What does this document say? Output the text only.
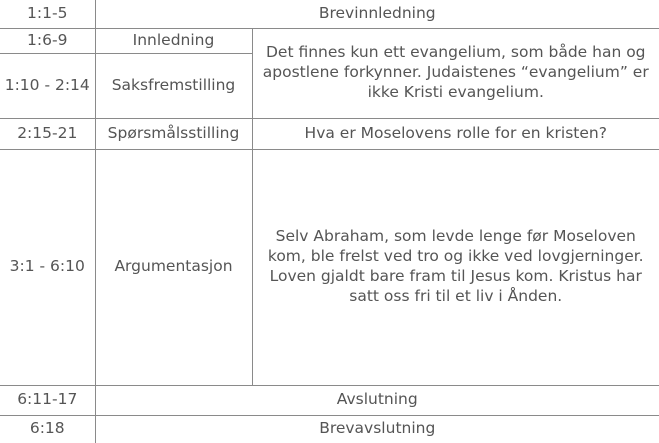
1:1-5	Brevinnledning	
1:6-9	Innledning	Det finnes kun ett evangelium, som både han og apostlene forkynner. Judaistenes “evangelium” er ikke Kristi evangelium.
1:10 - 2:14	Saksfremstilling	
2:15-21	Spørsmålsstilling	Hva er Moselovens rolle for en kristen?
3:1 - 6:10	Argumentasjon	Selv Abraham, som levde lenge før Moseloven kom, ble frelst ved tro og ikke ved lovgjerninger. Loven gjaldt bare fram til Jesus kom. Kristus har satt oss fri til et liv i Ånden.
6:11-17	Avslutning	
6:18	Brevavslutning	
